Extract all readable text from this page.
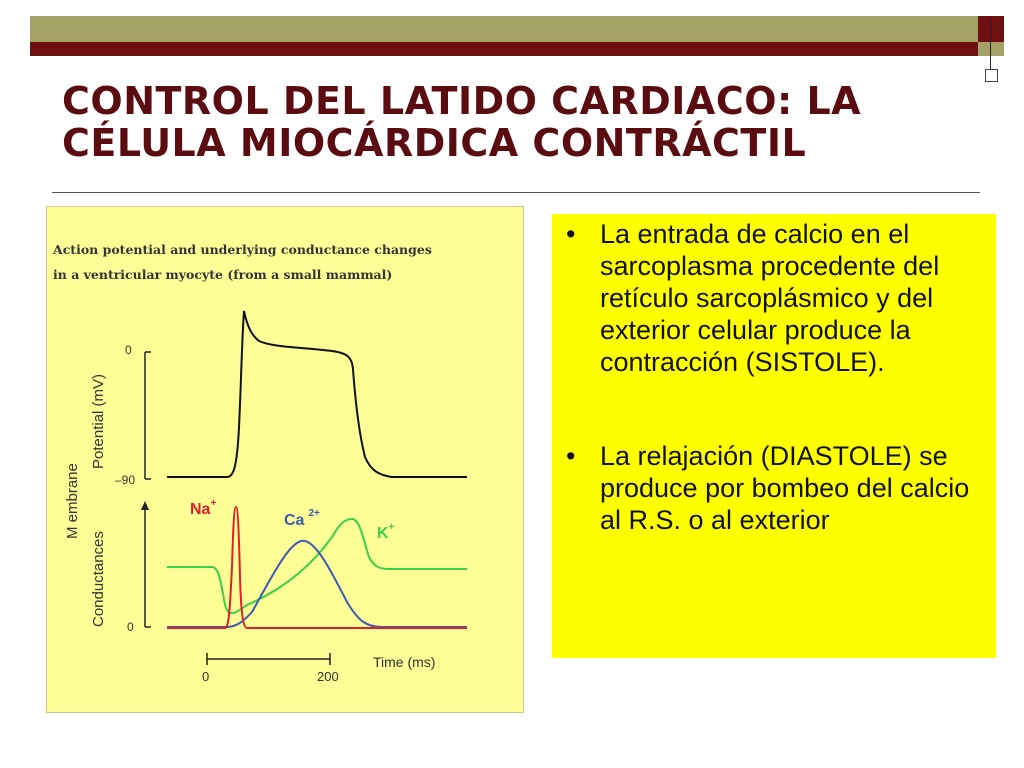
CONTROL DEL LATIDO CARDIACO: LA
CÉLULA MIOCÁRDICA CONTRÁCTIL
Action potential and underlying conductance changes
in a ventricular myocyte (from a small mammal)
M embrane
Potential (mV)
Conductances
0
–90
0
Na+
Ca $^{2+}$
K+
0	200
Time (ms)
• La entrada de calcio en el sarcoplasma procedente del retículo sarcoplásmico y del exterior celular produce la contracción (SISTOLE).
• La relajación (DIASTOLE) se produce por bombeo del calcio al R.S. o al exterior
